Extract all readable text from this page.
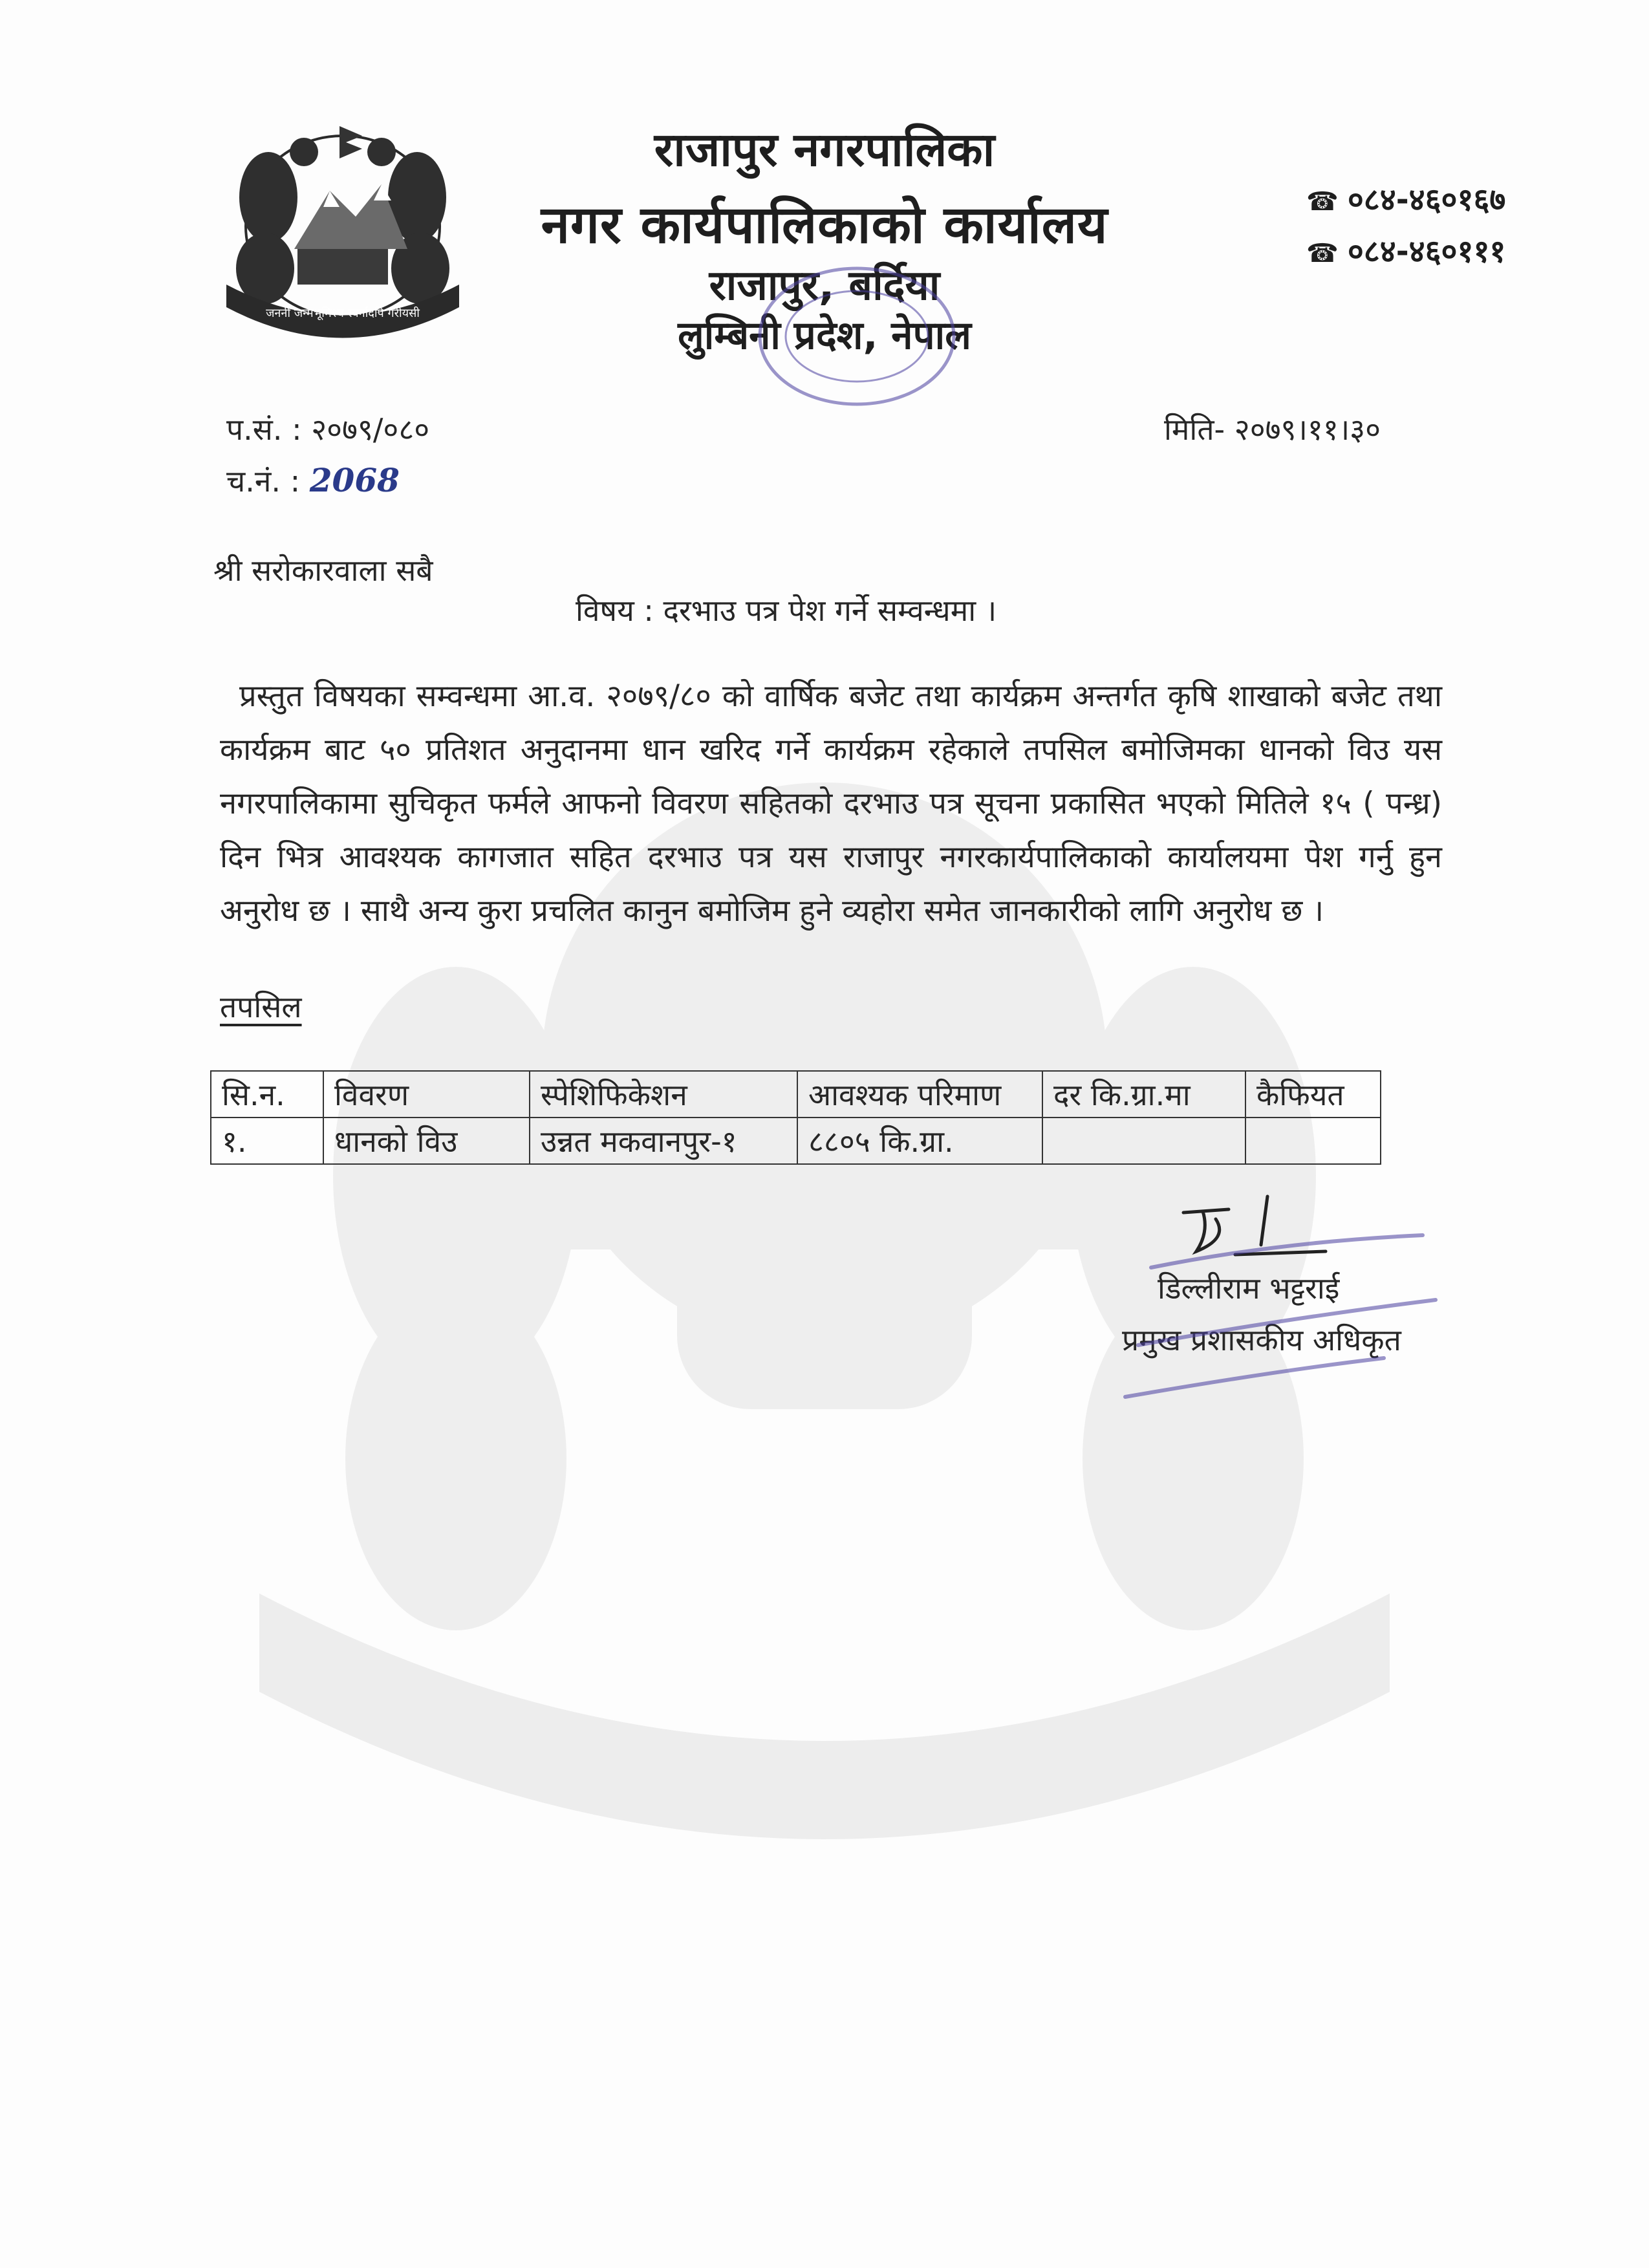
जननी जन्मभूमिश्च स्वर्गादपि गरीयसी
राजापुर नगरपालिका
नगर कार्यपालिकाको कार्यालय
राजापुर, बर्दिया
लुम्बिनी प्रदेश, नेपाल
☎ ०८४-४६०१६७
☎ ०८४-४६०१११
प.सं. : २०७९/०८०
च.नं. : 2068
मिति- २०७९।११।३०
श्री सरोकारवाला सबै
विषय : दरभाउ पत्र पेश गर्ने सम्वन्धमा ।
प्रस्तुत विषयका सम्वन्धमा आ.व. २०७९/८० को वार्षिक बजेट तथा कार्यक्रम अन्तर्गत कृषि शाखाको बजेट तथा कार्यक्रम बाट ५० प्रतिशत अनुदानमा धान खरिद गर्ने कार्यक्रम रहेकाले तपसिल बमोजिमका धानको विउ यस नगरपालिकामा सुचिकृत फर्मले आफनो विवरण सहितको दरभाउ पत्र सूचना प्रकासित भएको मितिले १५ ( पन्ध्र) दिन भित्र आवश्यक कागजात सहित दरभाउ पत्र यस राजापुर नगरकार्यपालिकाको कार्यालयमा पेश गर्नु हुन अनुरोध छ । साथै अन्य कुरा प्रचलित कानुन बमोजिम हुने व्यहोरा समेत जानकारीको लागि अनुरोध छ ।
तपसिल
सि.न.	विवरण	स्पेशिफिकेशन	आवश्यक परिमाण	दर कि.ग्रा.मा	कैफियत
१.	धानको विउ	उन्नत मकवानपुर-१	८८०५ कि.ग्रा.		
डिल्लीराम भट्टराई
प्रमुख प्रशासकीय अधिकृत
